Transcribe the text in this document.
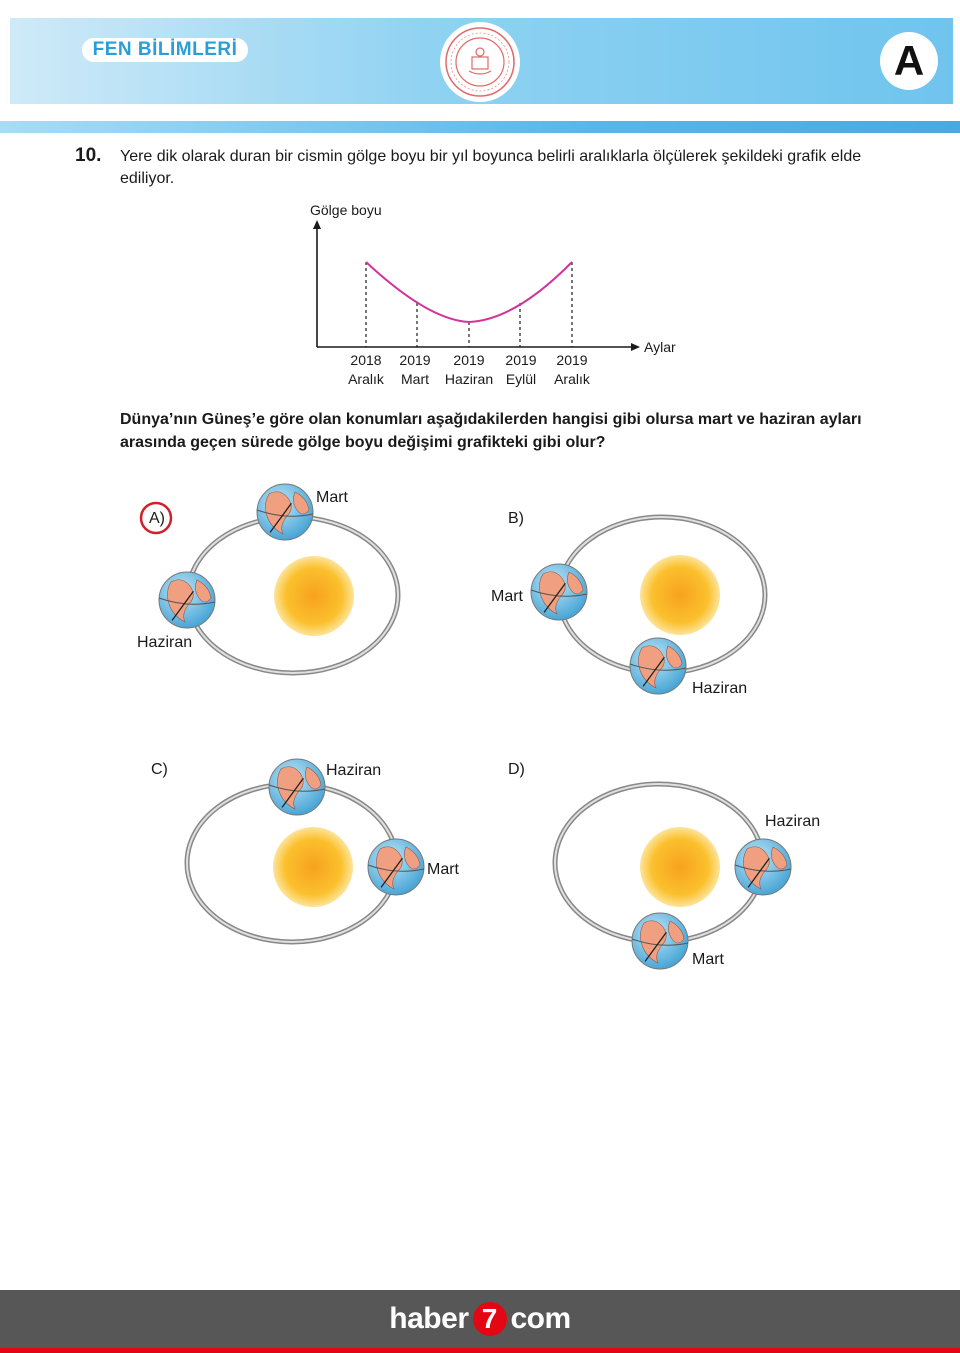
FEN BİLİMLERİ	A
10. Yere dik olarak duran bir cismin gölge boyu bir yıl boyunca belirli aralıklarla ölçülerek şekildeki grafik elde ediliyor.
Gölge boyu
Aylar
2018
Aralık
2019
Mart
2019
Haziran
2019
Eylül
2019
Aralık
Dünya’nın Güneş’e göre olan konumları aşağıdakilerden hangisi gibi olursa mart ve haziran ayları arasında geçen sürede gölge boyu değişimi grafikteki gibi olur?
A)
Mart
Haziran
B)
Mart
Haziran
C)	Haziran
Mart
D)
Haziran
Mart
haber 7 com
